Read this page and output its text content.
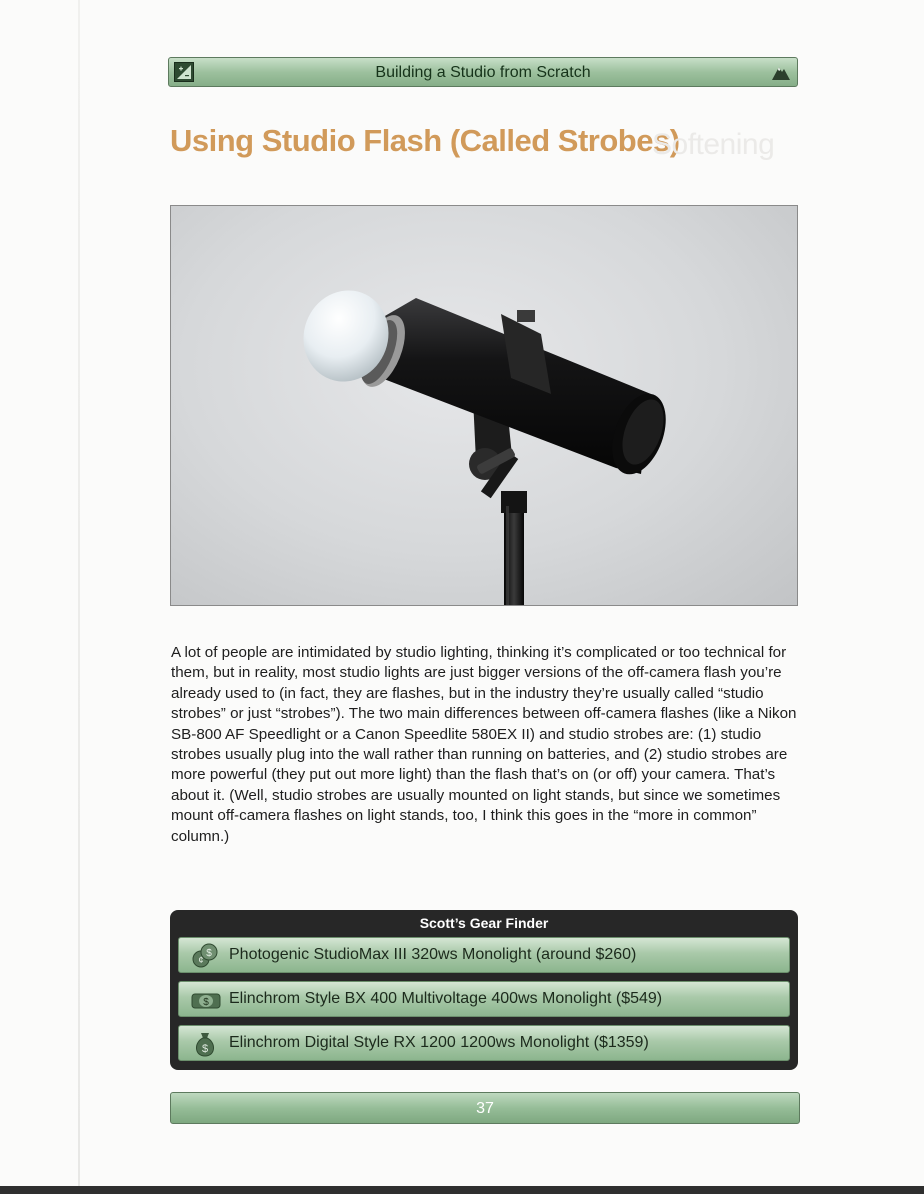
Building a Studio from Scratch
Using Studio Flash (Called Strobes)
Softening
A lot of people are intimidated by studio lighting, thinking it’s complicated or too technical for them, but in reality, most studio lights are just bigger versions of the off-camera flash you’re already used to (in fact, they are flashes, but in the industry they’re usually called “studio strobes” or just “strobes”). The two main differences between off-camera flashes (like a Nikon SB-800 AF Speedlight or a Canon Speedlite 580EX II) and studio strobes are: (1) studio strobes usually plug into the wall rather than running on batteries, and (2) studio strobes are more powerful (they put out more light) than the flash that’s on (or off) your camera. That’s about it. (Well, studio strobes are usually mounted on light stands, but since we sometimes mount off-camera flashes on light stands, too, I think this goes in the “more in common” column.)
Scott’s Gear Finder
$
¢ Photogenic StudioMax III 320ws Monolight (around $260)
$ Elinchrom Style BX 400 Multivoltage 400ws Monolight ($549)
$ Elinchrom Digital Style RX 1200 1200ws Monolight ($1359)
37
